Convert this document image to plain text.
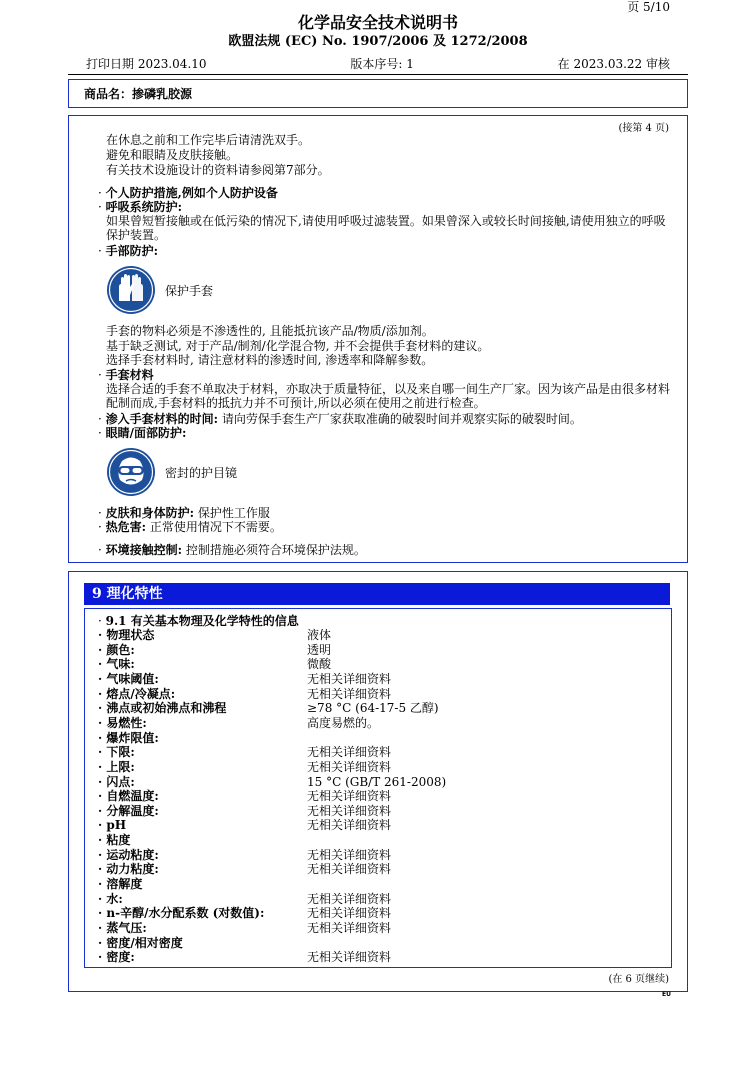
页 5/10
化学品安全技术说明书
欧盟法规 (EC) No. 1907/2006 及 1272/2008
打印日期 2023.04.10	版本序号: 1	在 2023.03.22 审核
商品名：掺磷乳胶源
(接第 4 页)
在休息之前和工作完毕后请清洗双手。
避免和眼睛及皮肤接触。
有关技术设施设计的资料请参阅第7部分。
· 个人防护措施,例如个人防护设备
· 呼吸系统防护:
如果曾短暂接触或在低污染的情况下,请使用呼吸过滤装置。如果曾深入或较长时间接触,请使用独立的呼吸保护装置。
· 手部防护:
保护手套
手套的物料必须是不渗透性的, 且能抵抗该产品/物质/添加剂。
基于缺乏测试, 对于产品/制剂/化学混合物, 并不会提供手套材料的建议。
选择手套材料时, 请注意材料的渗透时间, 渗透率和降解参数。
· 手套材料
选择合适的手套不单取决于材料，亦取决于质量特征，以及来自哪一间生产厂家。因为该产品是由很多材料配制而成,手套材料的抵抗力并不可预计,所以必须在使用之前进行检查。
· 渗入手套材料的时间: 请向劳保手套生产厂家获取准确的破裂时间并观察实际的破裂时间。
· 眼睛/面部防护:
密封的护目镜
· 皮肤和身体防护: 保护性工作服
· 热危害: 正常使用情况下不需要。
· 环境接触控制: 控制措施必须符合环境保护法规。
9 理化特性
· 9.1 有关基本物理及化学特性的信息
· 物理状态	液体
· 颜色:	透明
· 气味:	微酸
· 气味阈值:	无相关详细资料
· 熔点/冷凝点:	无相关详细资料
· 沸点或初始沸点和沸程	≥78 °C (64-17-5 乙醇)
· 易燃性:	高度易燃的。
· 爆炸限值:
· 下限:	无相关详细资料
· 上限:	无相关详细资料
· 闪点:	15 °C (GB/T 261-2008)
· 自燃温度:	无相关详细资料
· 分解温度:	无相关详细资料
· pH	无相关详细资料
· 粘度
· 运动粘度:	无相关详细资料
· 动力粘度:	无相关详细资料
· 溶解度
· 水:	无相关详细资料
· n-辛醇/水分配系数 (对数值):	无相关详细资料
· 蒸气压:	无相关详细资料
· 密度/相对密度
· 密度:	无相关详细资料
(在 6 页继续)
EU
